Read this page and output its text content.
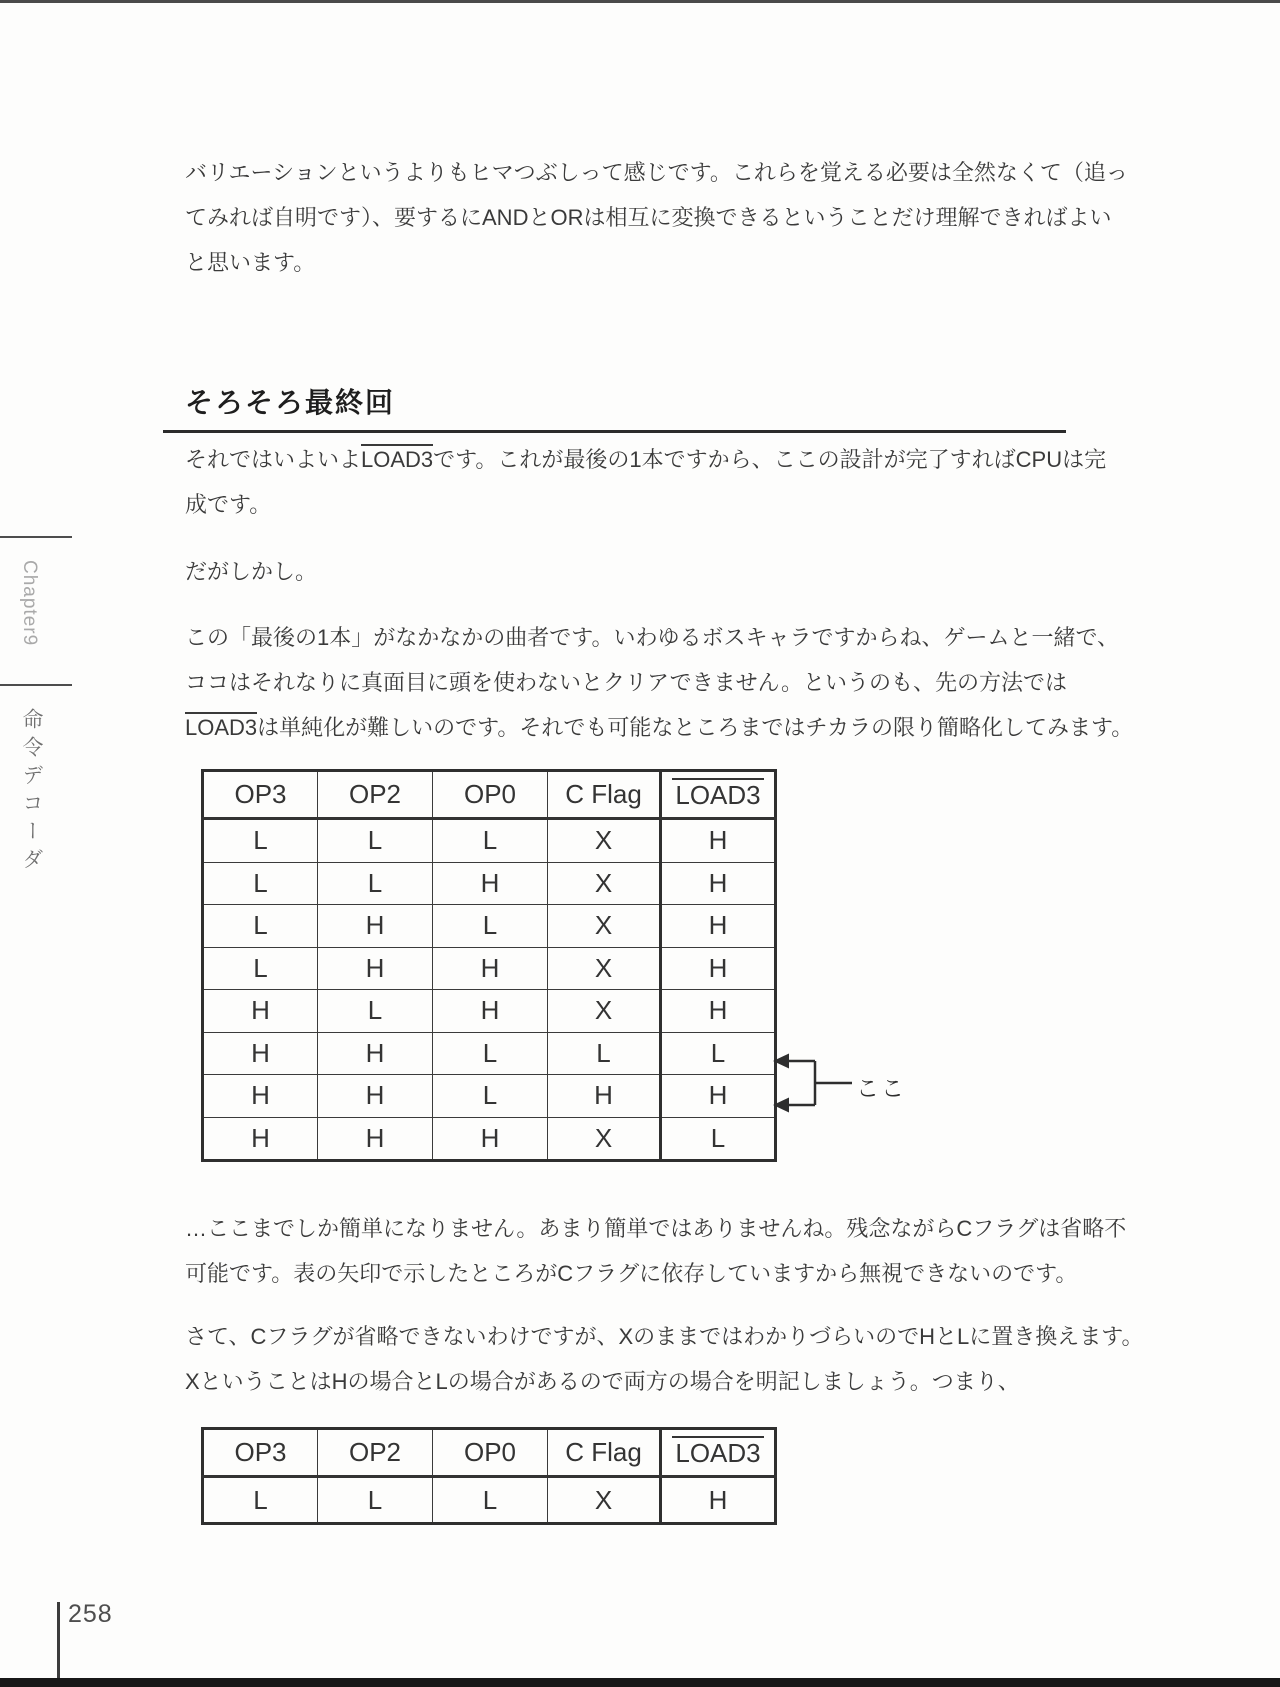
Chapter9
命令デコーダ
バリエーションというよりもヒマつぶしって感じです。これらを覚える必要は全然なくて（追っ
てみれば自明です）、要するにANDとORは相互に変換できるということだけ理解できればよい
と思います。
そろそろ最終回
それではいよいよLOAD3です。これが最後の1本ですから、ここの設計が完了すればCPUは完
成です。
だがしかし。
この「最後の1本」がなかなかの曲者です。いわゆるボスキャラですからね、ゲームと一緒で、
ココはそれなりに真面目に頭を使わないとクリアできません。というのも、先の方法では
LOAD3は単純化が難しいのです。それでも可能なところまではチカラの限り簡略化してみます。
OP3	OP2	OP0	C Flag	LOAD3
L	L	L	X	H
L	L	H	X	H
L	H	L	X	H
L	H	H	X	H
H	L	H	X	H
H	H	L	L	L
H	H	L	H	H
H	H	H	X	L
ここ
…ここまでしか簡単になりません。あまり簡単ではありませんね。残念ながらCフラグは省略不
可能です。表の矢印で示したところがCフラグに依存していますから無視できないのです。
さて、Cフラグが省略できないわけですが、XのままではわかりづらいのでHとLに置き換えます。
XということはHの場合とLの場合があるので両方の場合を明記しましょう。つまり、
OP3	OP2	OP0	C Flag	LOAD3
L	L	L	X	H
258
